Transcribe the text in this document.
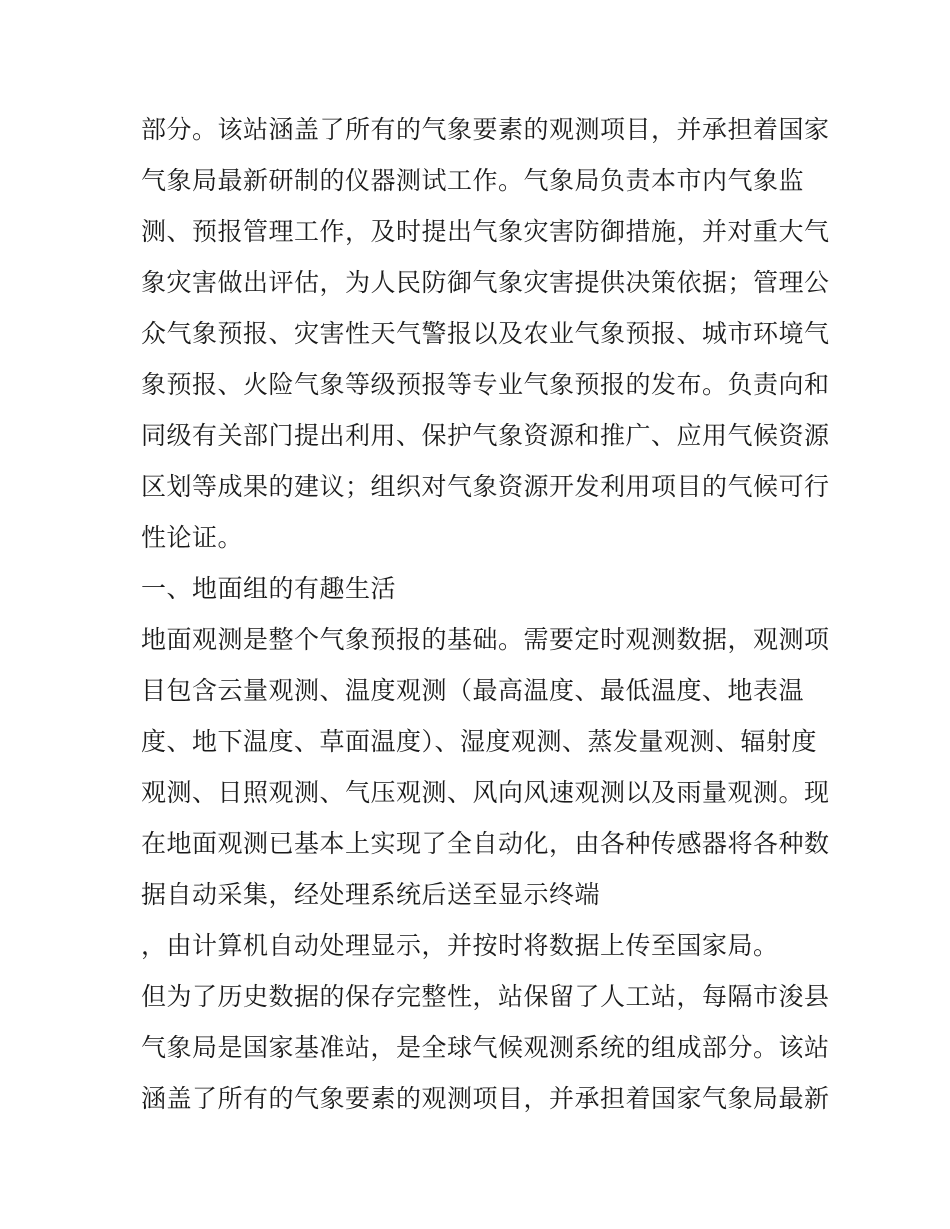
部分。该站涵盖了所有的气象要素的观测项目，并承担着国家
气象局最新研制的仪器测试工作。气象局负责本市内气象监
测、预报管理工作，及时提出气象灾害防御措施，并对重大气
象灾害做出评估，为人民防御气象灾害提供决策依据；管理公
众气象预报、灾害性天气警报以及农业气象预报、城市环境气
象预报、火险气象等级预报等专业气象预报的发布。负责向和
同级有关部门提出利用、保护气象资源和推广、应用气候资源
区划等成果的建议；组织对气象资源开发利用项目的气候可行
性论证。
一、地面组的有趣生活
地面观测是整个气象预报的基础。需要定时观测数据，观测项
目包含云量观测、温度观测（最高温度、最低温度、地表温
度、地下温度、草面温度）、湿度观测、蒸发量观测、辐射度
观测、日照观测、气压观测、风向风速观测以及雨量观测。现
在地面观测已基本上实现了全自动化，由各种传感器将各种数
据自动采集，经处理系统后送至显示终端
，由计算机自动处理显示，并按时将数据上传至国家局。
但为了历史数据的保存完整性，站保留了人工站，每隔市浚县
气象局是国家基准站，是全球气候观测系统的组成部分。该站
涵盖了所有的气象要素的观测项目，并承担着国家气象局最新
